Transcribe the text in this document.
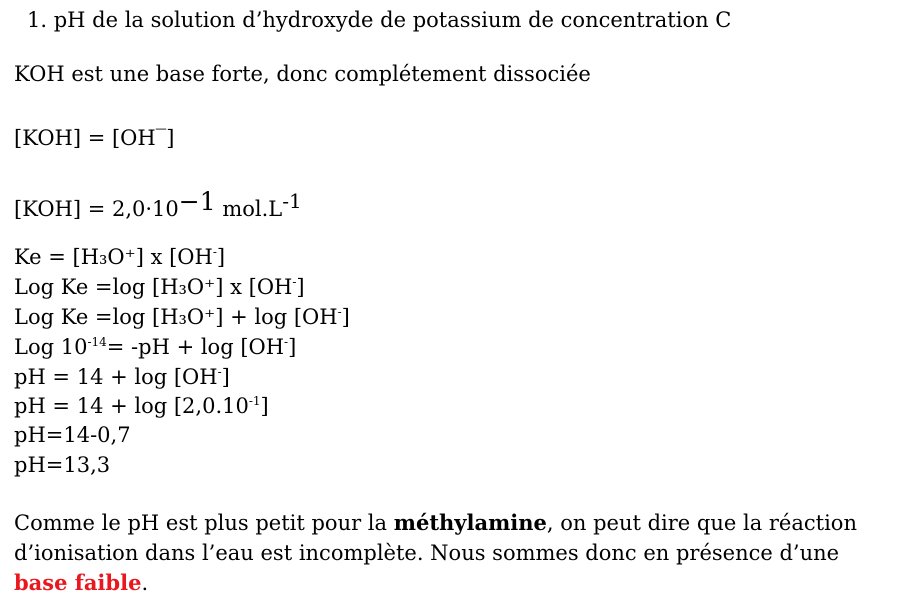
1. pH de la solution d’hydroxyde de potassium de concentration C
KOH est une base forte, donc complétement dissociée
[KOH] = [OH‾]
[KOH] = 2,0·10−1 mol.L-1
Ke = [H₃O⁺] x [OH-]
Log Ke =log [H₃O⁺] x [OH-]
Log Ke =log [H₃O⁺] + log [OH-]
Log $10^{-14}= -pH + \log [OH^-]$
pH = 14 + log [OH-]
pH = $14 + \log [2,0.10^{-1}]$
pH=14-0,7
pH=13,3
Comme le pH est plus petit pour la méthylamine, on peut dire que la réaction d’ionisation dans l’eau est incomplète. Nous sommes donc en présence d’une base faible.
